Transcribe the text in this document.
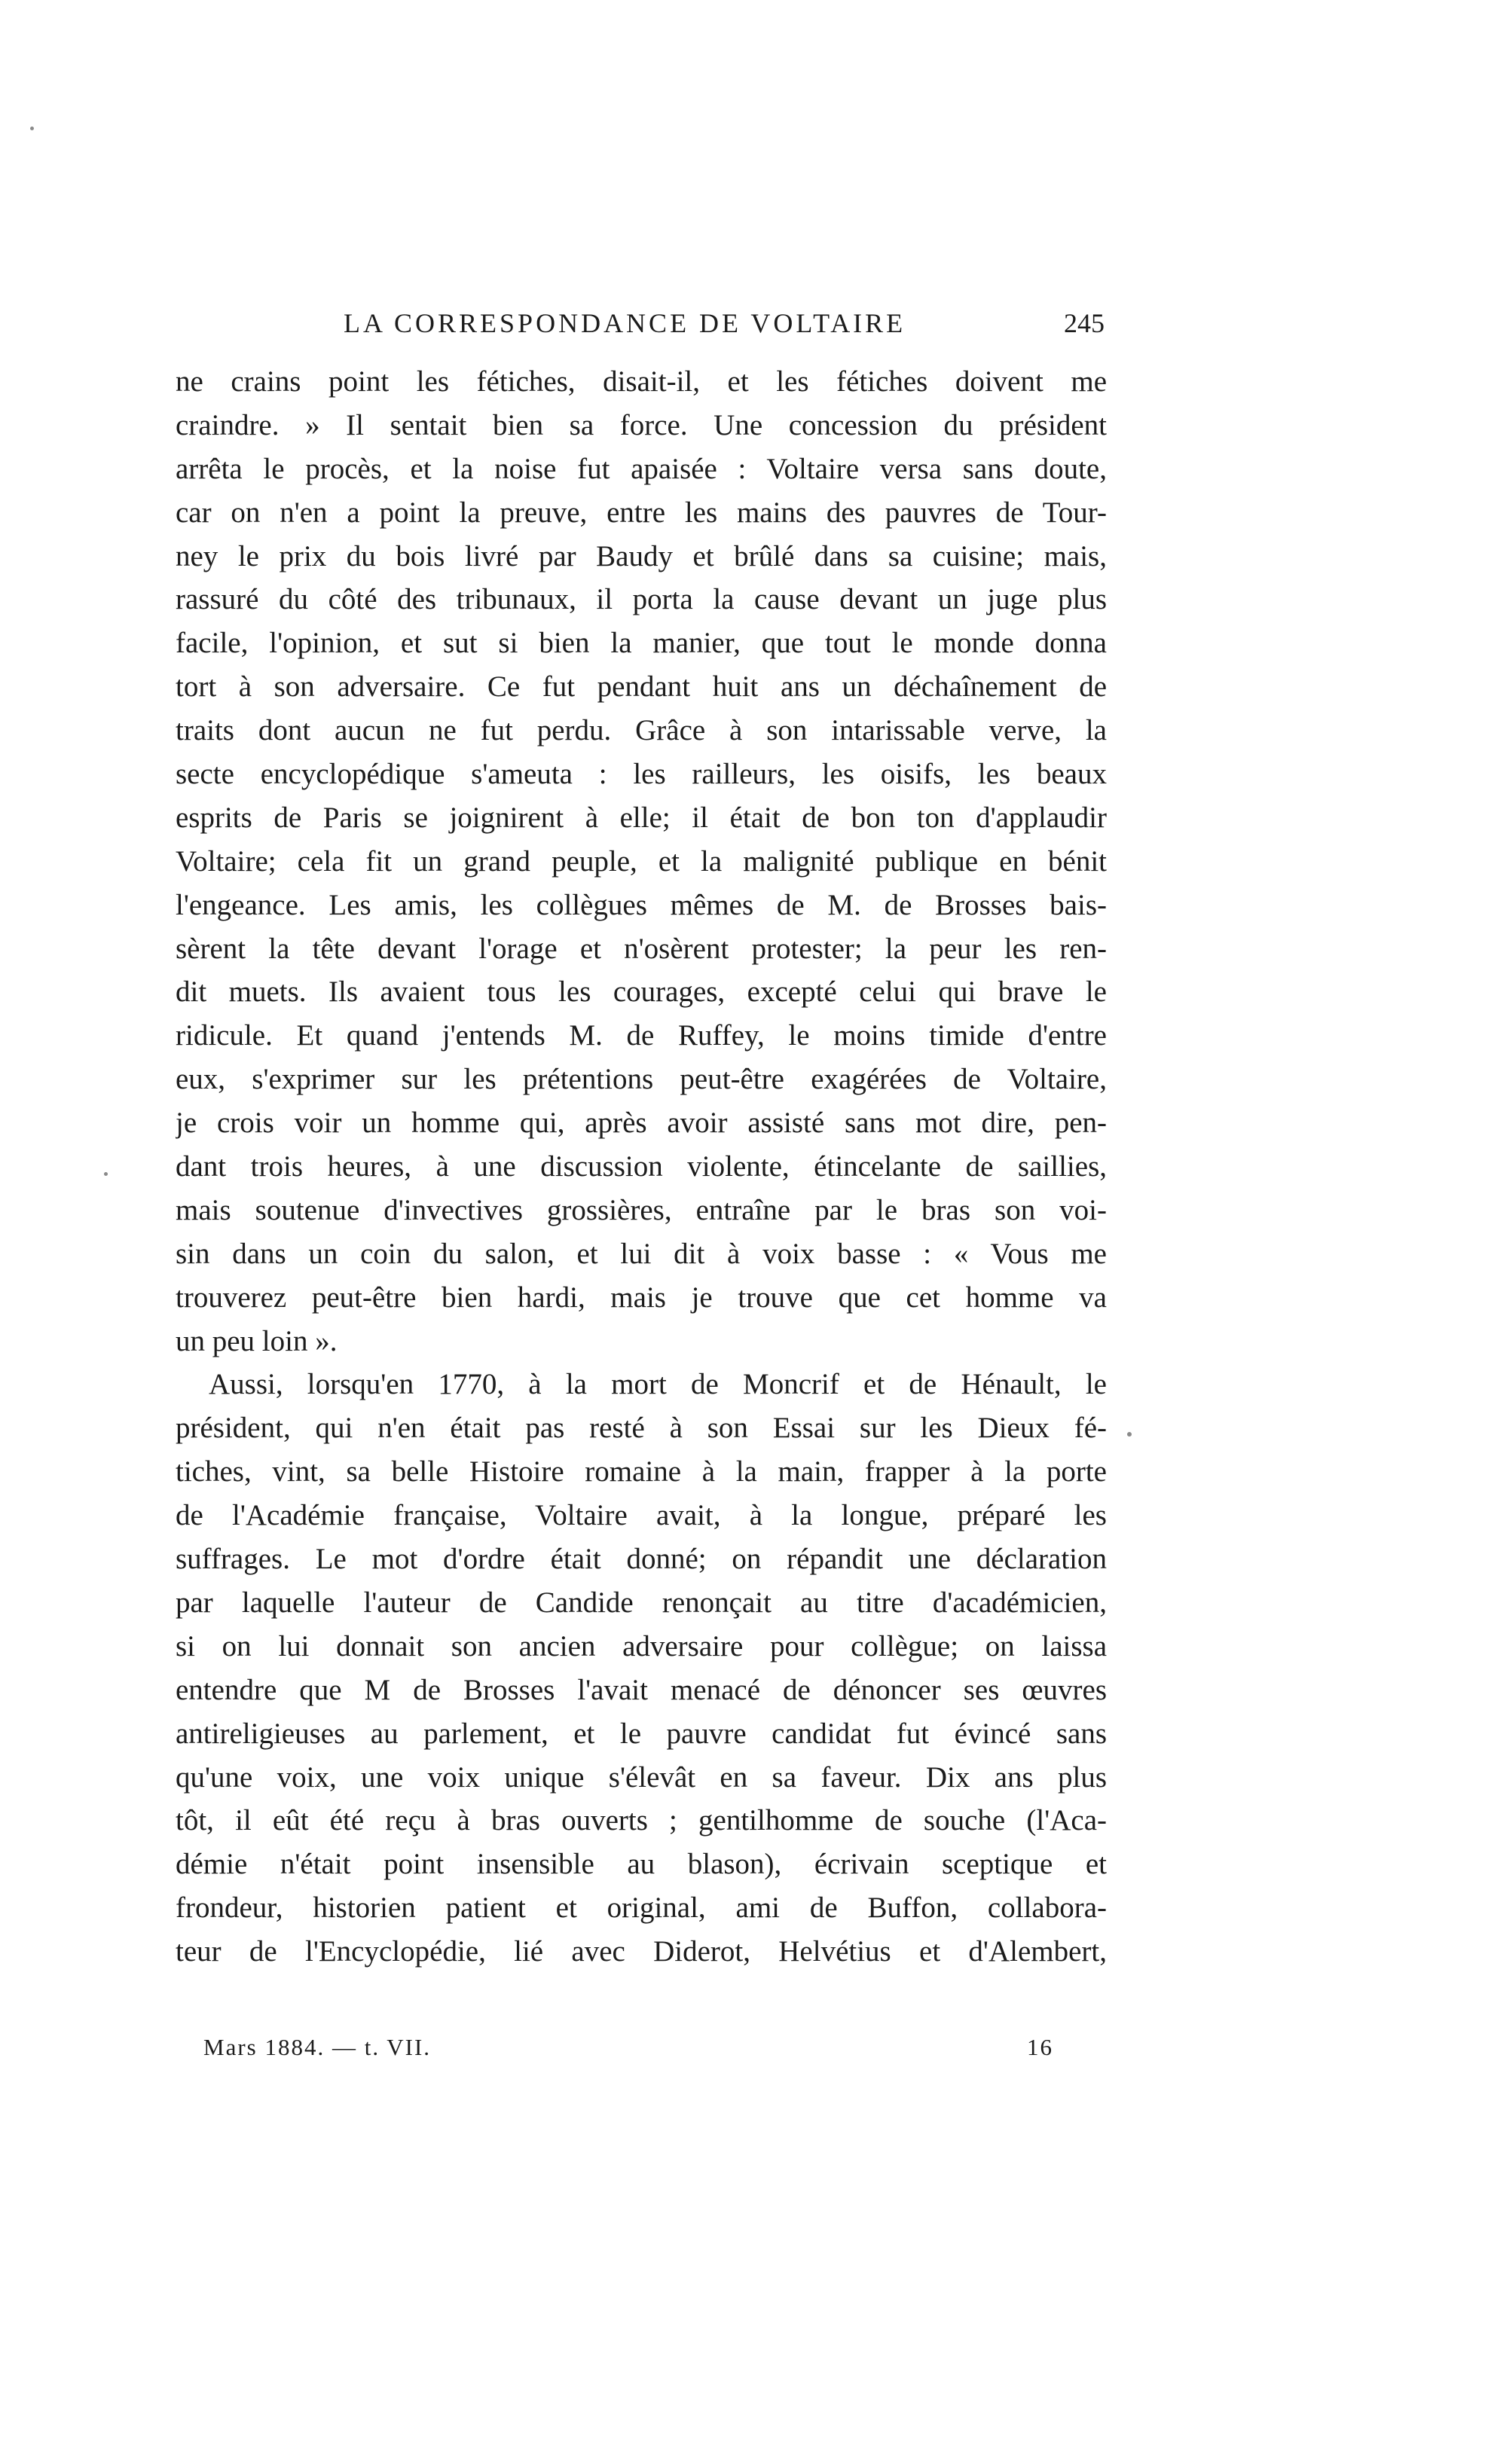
LA CORRESPONDANCE DE VOLTAIRE	245
ne crains point les fétiches, disait-il, et les fétiches doivent me
craindre. » Il sentait bien sa force. Une concession du président
arrêta le procès, et la noise fut apaisée : Voltaire versa sans doute,
car on n'en a point la preuve, entre les mains des pauvres de Tour-
ney le prix du bois livré par Baudy et brûlé dans sa cuisine; mais,
rassuré du côté des tribunaux, il porta la cause devant un juge plus
facile, l'opinion, et sut si bien la manier, que tout le monde donna
tort à son adversaire. Ce fut pendant huit ans un déchaînement de
traits dont aucun ne fut perdu. Grâce à son intarissable verve, la
secte encyclopédique s'ameuta : les railleurs, les oisifs, les beaux
esprits de Paris se joignirent à elle; il était de bon ton d'applaudir
Voltaire; cela fit un grand peuple, et la malignité publique en bénit
l'engeance. Les amis, les collègues mêmes de M. de Brosses bais-
sèrent la tête devant l'orage et n'osèrent protester; la peur les ren-
dit muets. Ils avaient tous les courages, excepté celui qui brave le
ridicule. Et quand j'entends M. de Ruffey, le moins timide d'entre
eux, s'exprimer sur les prétentions peut-être exagérées de Voltaire,
je crois voir un homme qui, après avoir assisté sans mot dire, pen-
dant trois heures, à une discussion violente, étincelante de saillies,
mais soutenue d'invectives grossières, entraîne par le bras son voi-
sin dans un coin du salon, et lui dit à voix basse : « Vous me
trouverez peut-être bien hardi, mais je trouve que cet homme va
un peu loin ».
Aussi, lorsqu'en 1770, à la mort de Moncrif et de Hénault, le
président, qui n'en était pas resté à son Essai sur les Dieux fé-
tiches, vint, sa belle Histoire romaine à la main, frapper à la porte
de l'Académie française, Voltaire avait, à la longue, préparé les
suffrages. Le mot d'ordre était donné; on répandit une déclaration
par laquelle l'auteur de Candide renonçait au titre d'académicien,
si on lui donnait son ancien adversaire pour collègue; on laissa
entendre que M de Brosses l'avait menacé de dénoncer ses œuvres
antireligieuses au parlement, et le pauvre candidat fut évincé sans
qu'une voix, une voix unique s'élevât en sa faveur. Dix ans plus
tôt, il eût été reçu à bras ouverts ; gentilhomme de souche (l'Aca-
démie n'était point insensible au blason), écrivain sceptique et
frondeur, historien patient et original, ami de Buffon, collabora-
teur de l'Encyclopédie, lié avec Diderot, Helvétius et d'Alembert,
Mars 1884. — t. VII.	16
